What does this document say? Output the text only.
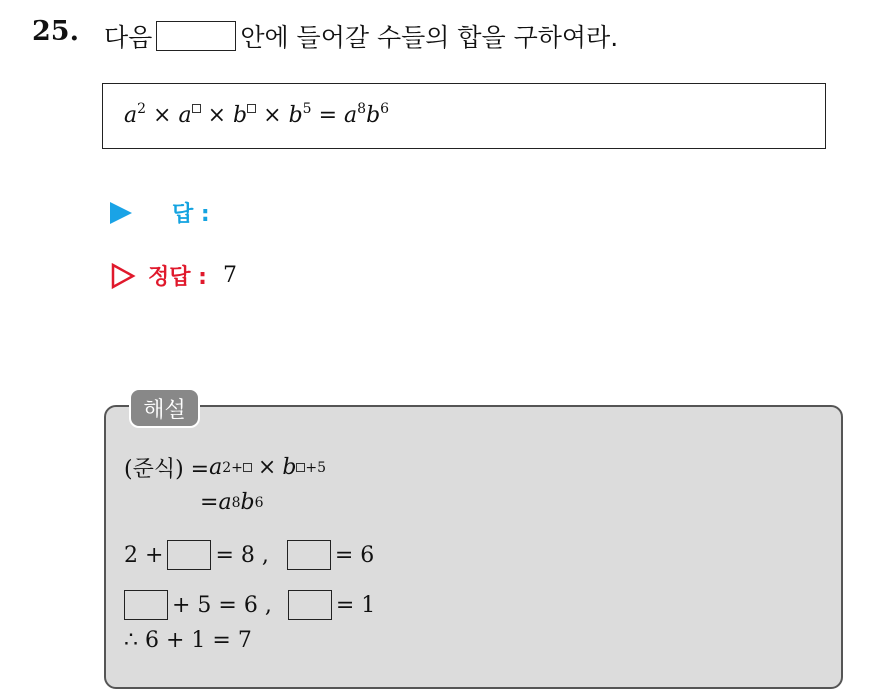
25. 다음	안에 들어갈 수들의 합을 구하여라.
$a^2 \times a \times b \times b^5 = a^8b^6$
답 :
정답 : 7
해설
(준식) = a 2+ × b +5
= a 8 b 6
2 + = 8 ,	= 6
+ 5 = 6 ,	= 1
∴ 6 + 1 = 7
